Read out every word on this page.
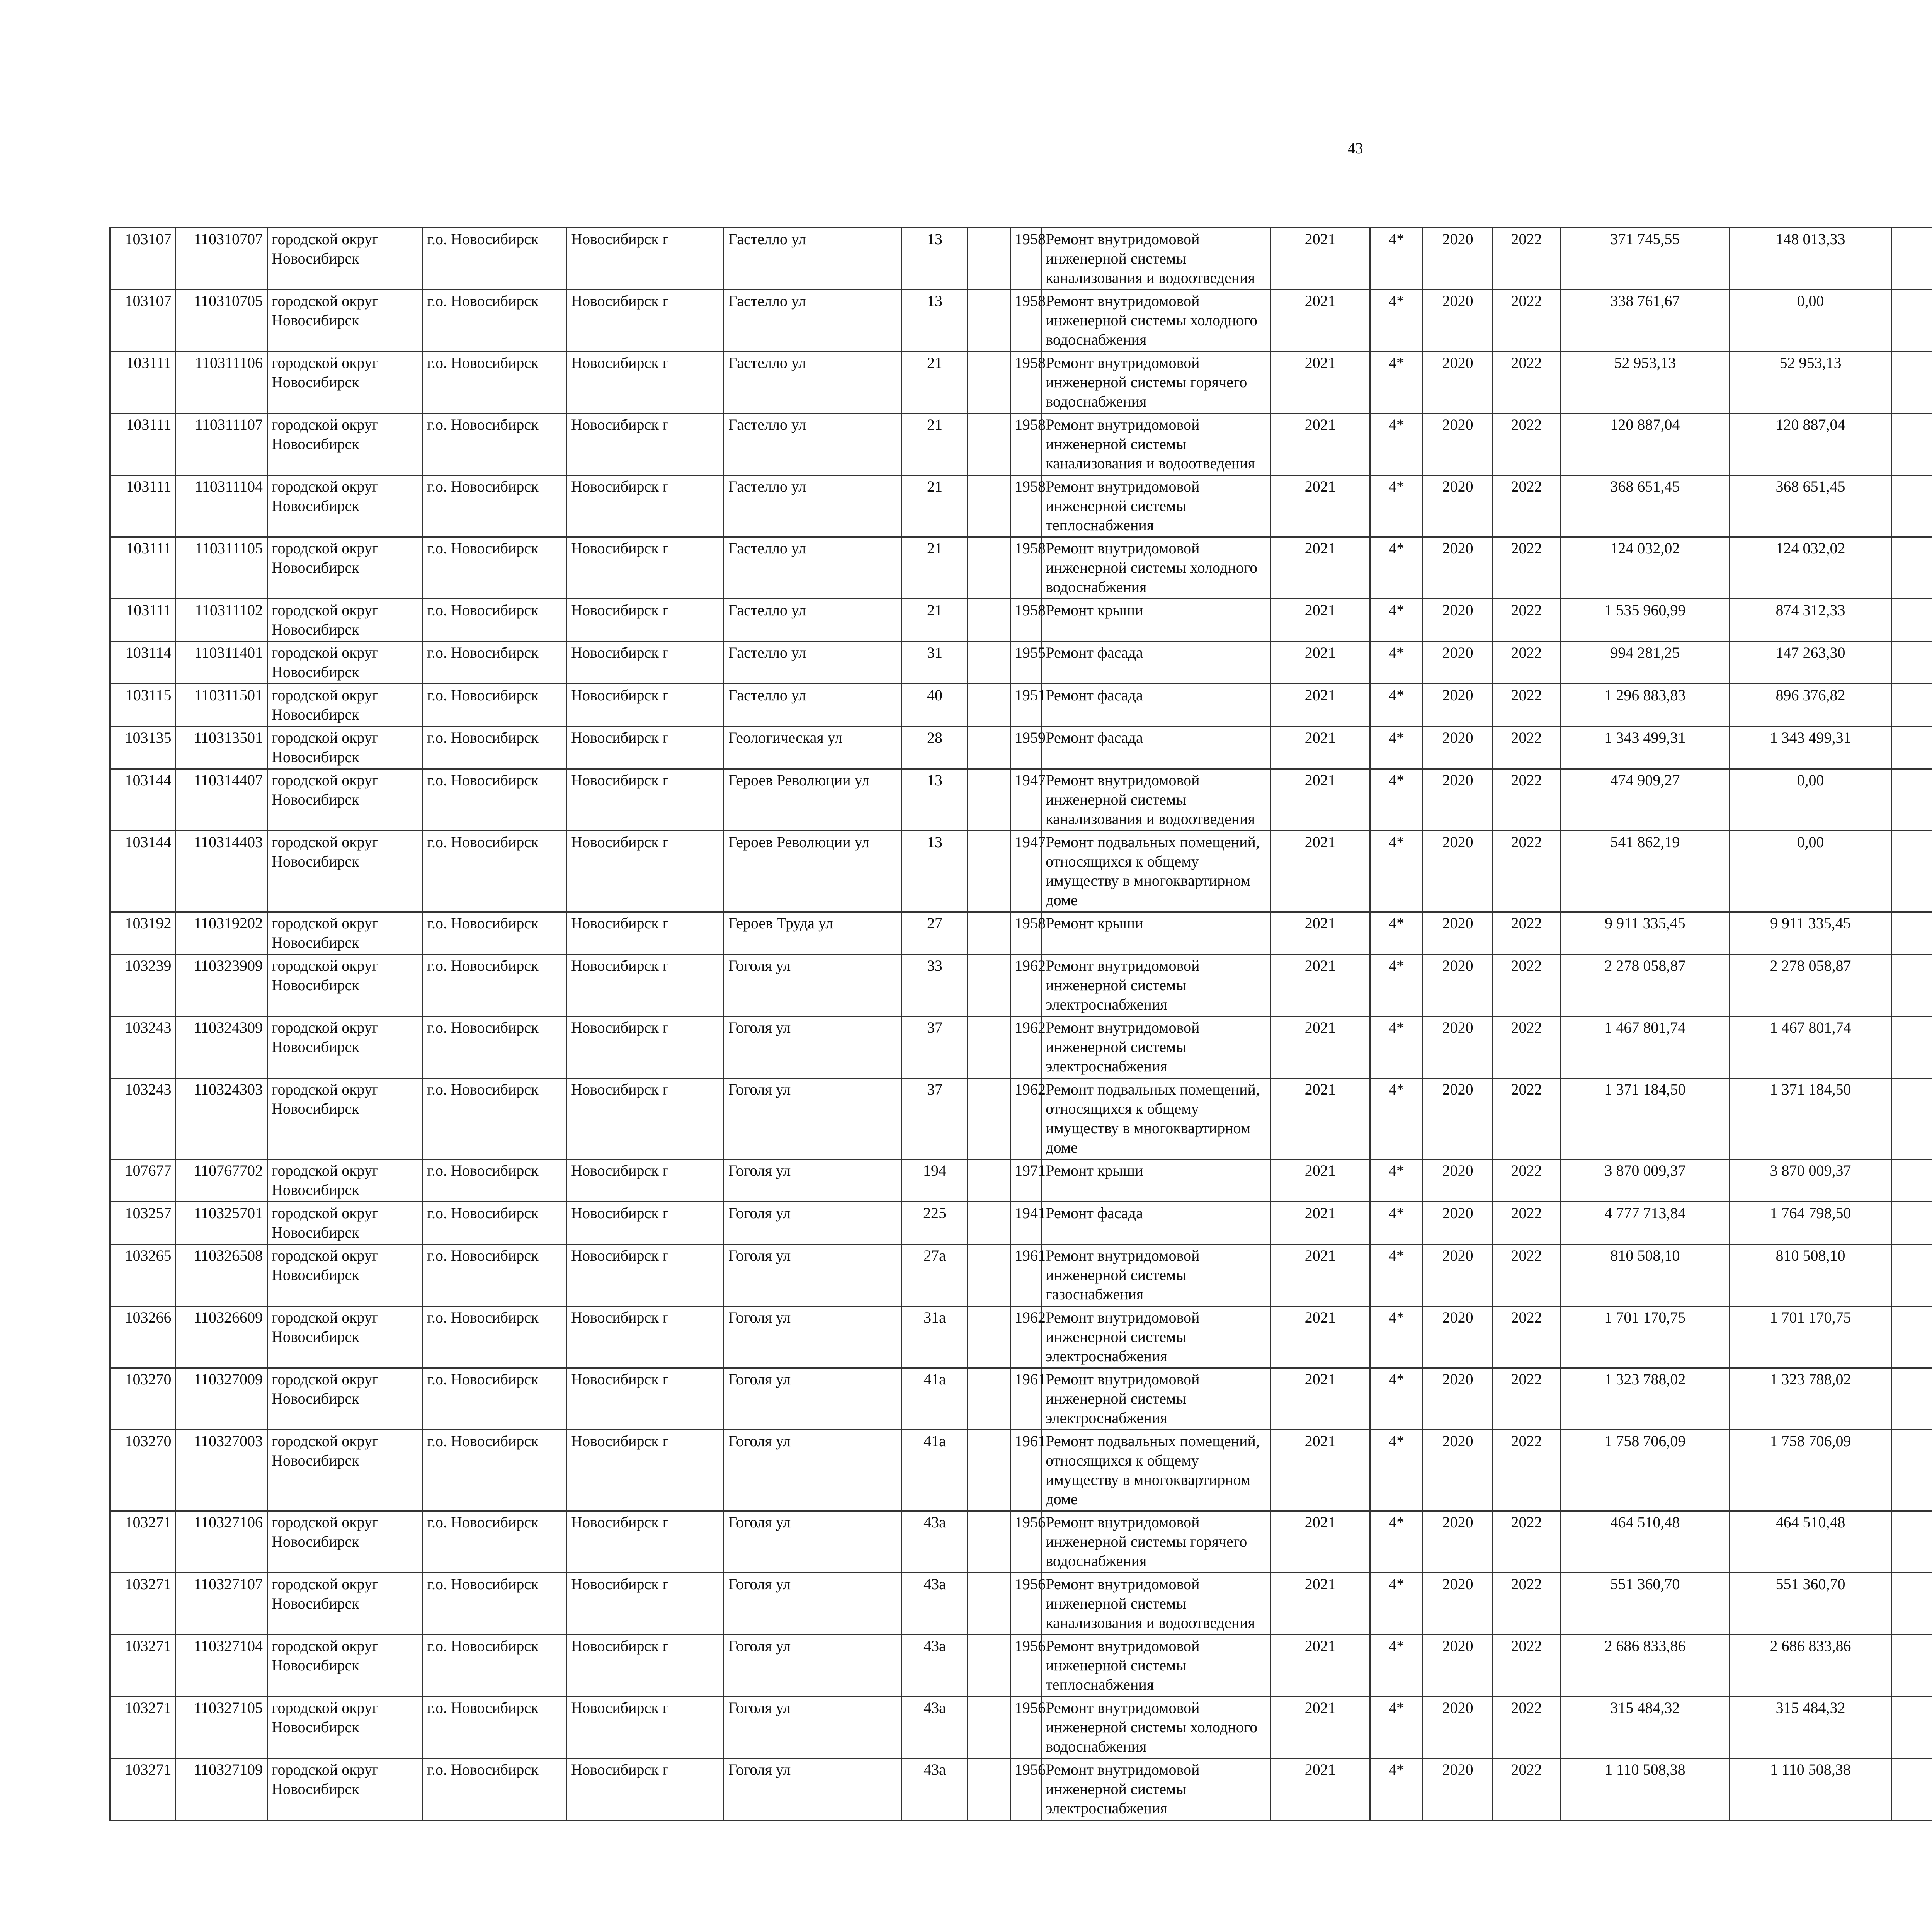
43
103107	110310707	городской округ Новосибирск	г.о. Новосибирск	Новосибирск г	Гастелло ул	13		1958	Ремонт внутридомовой инженерной системы канализования и водоотведения	2021	4*	2020	2022	371 745,55	148 013,33						
103107	110310705	городской округ Новосибирск	г.о. Новосибирск	Новосибирск г	Гастелло ул	13		1958	Ремонт внутридомовой инженерной системы холодного водоснабжения	2021	4*	2020	2022	338 761,67	0,00						
103111	110311106	городской округ Новосибирск	г.о. Новосибирск	Новосибирск г	Гастелло ул	21		1958	Ремонт внутридомовой инженерной системы горячего водоснабжения	2021	4*	2020	2022	52 953,13	52 953,13						
103111	110311107	городской округ Новосибирск	г.о. Новосибирск	Новосибирск г	Гастелло ул	21		1958	Ремонт внутридомовой инженерной системы канализования и водоотведения	2021	4*	2020	2022	120 887,04	120 887,04						
103111	110311104	городской округ Новосибирск	г.о. Новосибирск	Новосибирск г	Гастелло ул	21		1958	Ремонт внутридомовой инженерной системы теплоснабжения	2021	4*	2020	2022	368 651,45	368 651,45						
103111	110311105	городской округ Новосибирск	г.о. Новосибирск	Новосибирск г	Гастелло ул	21		1958	Ремонт внутридомовой инженерной системы холодного водоснабжения	2021	4*	2020	2022	124 032,02	124 032,02						
103111	110311102	городской округ Новосибирск	г.о. Новосибирск	Новосибирск г	Гастелло ул	21		1958	Ремонт крыши	2021	4*	2020	2022	1 535 960,99	874 312,33						
103114	110311401	городской округ Новосибирск	г.о. Новосибирск	Новосибирск г	Гастелло ул	31		1955	Ремонт фасада	2021	4*	2020	2022	994 281,25	147 263,30						
103115	110311501	городской округ Новосибирск	г.о. Новосибирск	Новосибирск г	Гастелло ул	40		1951	Ремонт фасада	2021	4*	2020	2022	1 296 883,83	896 376,82						
103135	110313501	городской округ Новосибирск	г.о. Новосибирск	Новосибирск г	Геологическая ул	28		1959	Ремонт фасада	2021	4*	2020	2022	1 343 499,31	1 343 499,31						
103144	110314407	городской округ Новосибирск	г.о. Новосибирск	Новосибирск г	Героев Революции ул	13		1947	Ремонт внутридомовой инженерной системы канализования и водоотведения	2021	4*	2020	2022	474 909,27	0,00						
103144	110314403	городской округ Новосибирск	г.о. Новосибирск	Новосибирск г	Героев Революции ул	13		1947	Ремонт подвальных помещений, относящихся к общему имуществу в многоквартирном доме	2021	4*	2020	2022	541 862,19	0,00						
103192	110319202	городской округ Новосибирск	г.о. Новосибирск	Новосибирск г	Героев Труда ул	27		1958	Ремонт крыши	2021	4*	2020	2022	9 911 335,45	9 911 335,45						
103239	110323909	городской округ Новосибирск	г.о. Новосибирск	Новосибирск г	Гоголя ул	33		1962	Ремонт внутридомовой инженерной системы электроснабжения	2021	4*	2020	2022	2 278 058,87	2 278 058,87						
103243	110324309	городской округ Новосибирск	г.о. Новосибирск	Новосибирск г	Гоголя ул	37		1962	Ремонт внутридомовой инженерной системы электроснабжения	2021	4*	2020	2022	1 467 801,74	1 467 801,74						
103243	110324303	городской округ Новосибирск	г.о. Новосибирск	Новосибирск г	Гоголя ул	37		1962	Ремонт подвальных помещений, относящихся к общему имуществу в многоквартирном доме	2021	4*	2020	2022	1 371 184,50	1 371 184,50						
107677	110767702	городской округ Новосибирск	г.о. Новосибирск	Новосибирск г	Гоголя ул	194		1971	Ремонт крыши	2021	4*	2020	2022	3 870 009,37	3 870 009,37						
103257	110325701	городской округ Новосибирск	г.о. Новосибирск	Новосибирск г	Гоголя ул	225		1941	Ремонт фасада	2021	4*	2020	2022	4 777 713,84	1 764 798,50						
103265	110326508	городской округ Новосибирск	г.о. Новосибирск	Новосибирск г	Гоголя ул	27а		1961	Ремонт внутридомовой инженерной системы газоснабжения	2021	4*	2020	2022	810 508,10	810 508,10						
103266	110326609	городской округ Новосибирск	г.о. Новосибирск	Новосибирск г	Гоголя ул	31а		1962	Ремонт внутридомовой инженерной системы электроснабжения	2021	4*	2020	2022	1 701 170,75	1 701 170,75						
103270	110327009	городской округ Новосибирск	г.о. Новосибирск	Новосибирск г	Гоголя ул	41а		1961	Ремонт внутридомовой инженерной системы электроснабжения	2021	4*	2020	2022	1 323 788,02	1 323 788,02						
103270	110327003	городской округ Новосибирск	г.о. Новосибирск	Новосибирск г	Гоголя ул	41а		1961	Ремонт подвальных помещений, относящихся к общему имуществу в многоквартирном доме	2021	4*	2020	2022	1 758 706,09	1 758 706,09						
103271	110327106	городской округ Новосибирск	г.о. Новосибирск	Новосибирск г	Гоголя ул	43а		1956	Ремонт внутридомовой инженерной системы горячего водоснабжения	2021	4*	2020	2022	464 510,48	464 510,48						
103271	110327107	городской округ Новосибирск	г.о. Новосибирск	Новосибирск г	Гоголя ул	43а		1956	Ремонт внутридомовой инженерной системы канализования и водоотведения	2021	4*	2020	2022	551 360,70	551 360,70						
103271	110327104	городской округ Новосибирск	г.о. Новосибирск	Новосибирск г	Гоголя ул	43а		1956	Ремонт внутридомовой инженерной системы теплоснабжения	2021	4*	2020	2022	2 686 833,86	2 686 833,86						
103271	110327105	городской округ Новосибирск	г.о. Новосибирск	Новосибирск г	Гоголя ул	43а		1956	Ремонт внутридомовой инженерной системы холодного водоснабжения	2021	4*	2020	2022	315 484,32	315 484,32						
103271	110327109	городской округ Новосибирск	г.о. Новосибирск	Новосибирск г	Гоголя ул	43а		1956	Ремонт внутридомовой инженерной системы электроснабжения	2021	4*	2020	2022	1 110 508,38	1 110 508,38						
